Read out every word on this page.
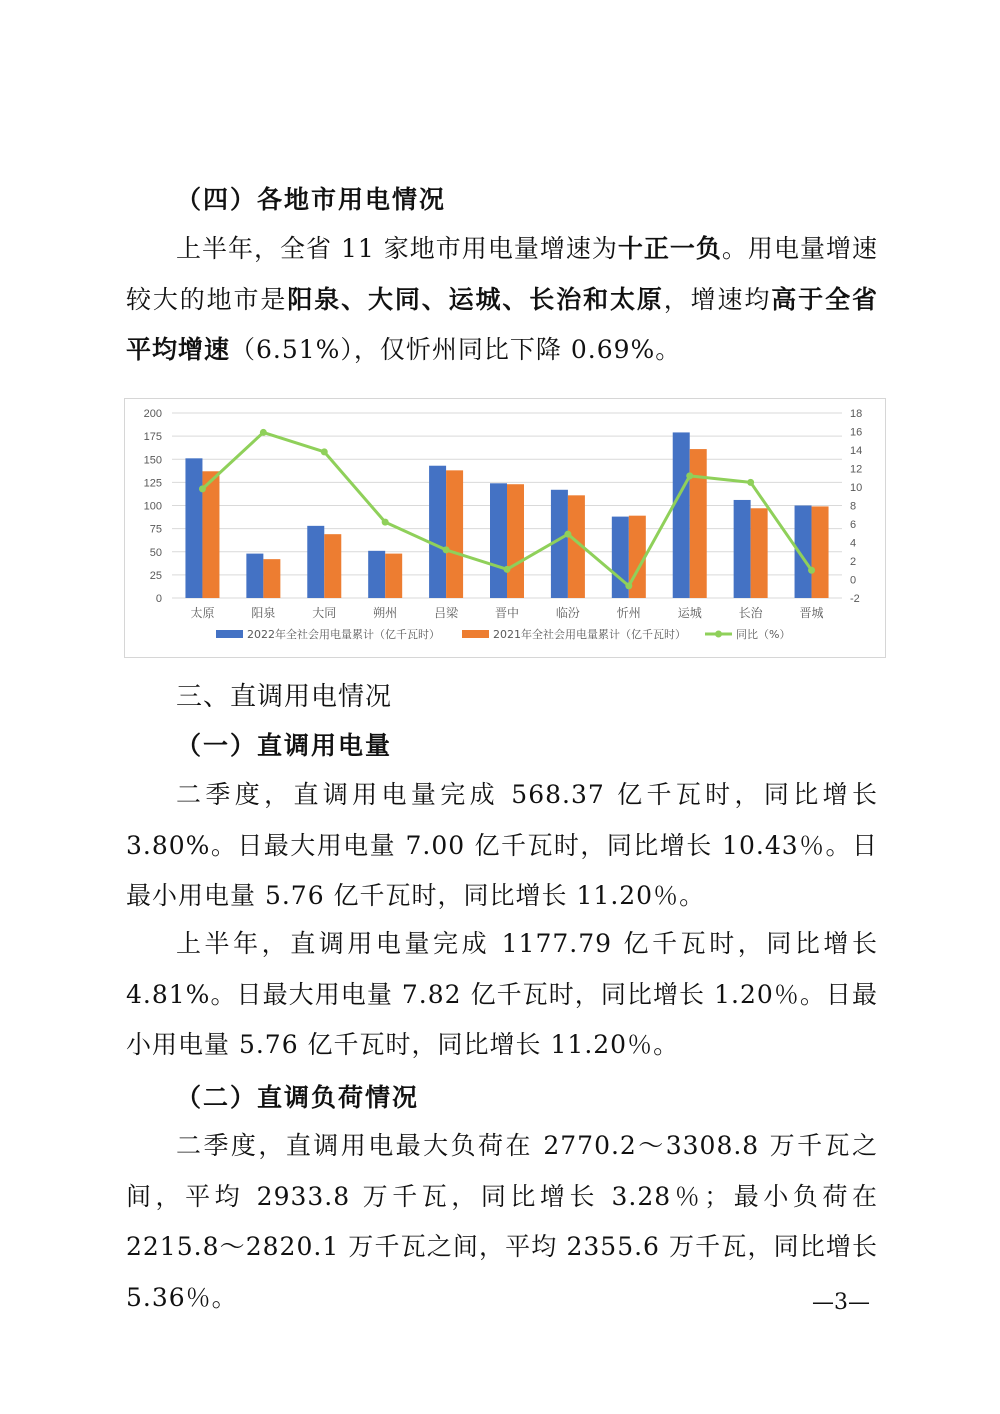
（四）各地市用电情况
上半年，全省 11 家地市用电量增速为十正一负。用电量增速较大的地市是阳泉、大同、运城、长治和太原，增速均高于全省平均增速（6.51%），仅忻州同比下降 0.69%。
0
25
50
75
100
125
150
175
200
-2
0
2
4
6
8
10
12
14
16
18
太原	阳泉	大同	朔州	吕梁	晋中	临汾	忻州	运城	长治	晋城
2022年全社会用电量累计（亿千瓦时）	2021年全社会用电量累计（亿千瓦时）	同比（%）
三、直调用电情况
（一）直调用电量
二季度，直调用电量完成 568.37 亿千瓦时，同比增长 3.80%。日最大用电量 7.00 亿千瓦时，同比增长 10.43％。日最小用电量 5.76 亿千瓦时，同比增长 11.20％。
上半年，直调用电量完成 1177.79 亿千瓦时，同比增长 4.81%。日最大用电量 7.82 亿千瓦时，同比增长 1.20％。日最小用电量 5.76 亿千瓦时，同比增长 11.20％。
（二）直调负荷情况
二季度，直调用电最大负荷在 2770.2～3308.8 万千瓦之间，平均 2933.8 万千瓦，同比增长 3.28％；最小负荷在 2215.8～2820.1 万千瓦之间，平均 2355.6 万千瓦，同比增长 5.36％。	—3—
